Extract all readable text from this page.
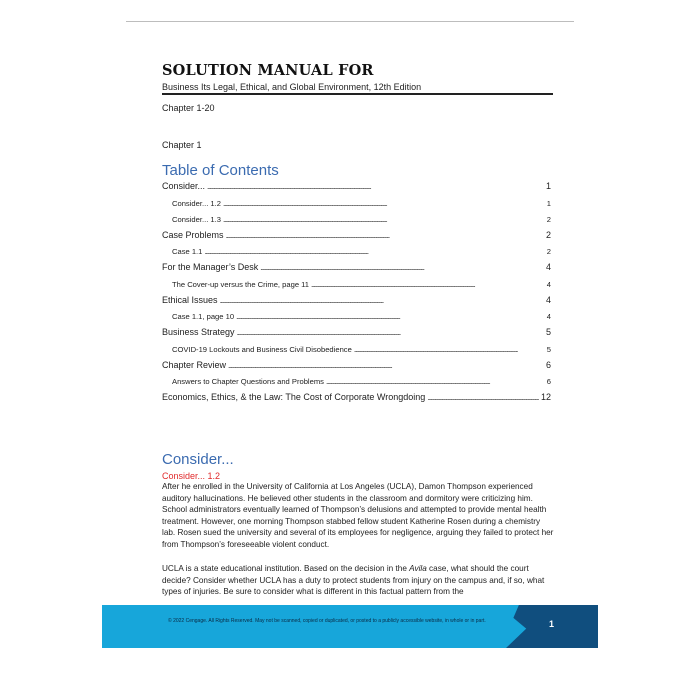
SOLUTION MANUAL FOR
Business Its Legal, Ethical, and Global Environment, 12th Edition
Chapter 1-20
Chapter 1
Table of Contents
Consider... . . .	1
Consider... 1.2 . . .	1
Consider... 1.3 . . .	2
Case Problems . . .	2
Case 1.1 . . .	2
For the Manager’s Desk . . .	4
The Cover-up versus the Crime, page 11 . . .	4
Ethical Issues . . .	4
Case 1.1, page 10 . . .	4
Business Strategy . . .	5
COVID-19 Lockouts and Business Civil Disobedience . . .	5
Chapter Review . . .	6
Answers to Chapter Questions and Problems . . .	6
Economics, Ethics, & the Law: The Cost of Corporate Wrongdoing . . .	12
Consider...
Consider... 1.2

After he enrolled in the University of California at Los Angeles (UCLA), Damon Thompson experienced auditory hallucinations. He believed other students in the classroom and dormitory were criticizing him. School administrators eventually learned of Thompson’s delusions and attempted to provide mental health treatment. However, one morning Thompson stabbed fellow student Katherine Rosen during a chemistry lab. Rosen sued the university and several of its employees for negligence, arguing they failed to protect her from Thompson’s foreseeable violent conduct.

UCLA is a state educational institution. Based on the decision in the Avila case, what should the court decide? Consider whether UCLA has a duty to protect students from injury on the campus and, if so, what types of injuries. Be sure to consider what is different in this factual pattern from the

© 2022 Cengage. All Rights Reserved. May not be scanned, copied or duplicated, or posted to a publicly accessible website, in whole or in part.	1
